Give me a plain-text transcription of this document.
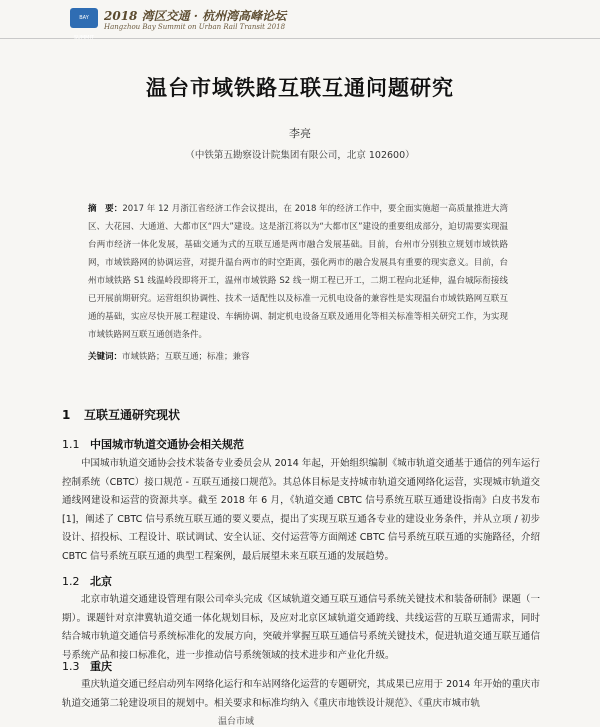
BAY SUMMIT
2018 湾区交通 · 杭州湾高峰论坛
Hangzhou Bay Summit on Urban Rail Transit 2018
温台市域铁路互联互通问题研究
李亮
（中铁第五勘察设计院集团有限公司，北京 102600）
摘　要：2017 年 12 月浙江省经济工作会议提出，在 2018 年的经济工作中，要全面实施超一高质量推进大湾区、大花园、大通道、大都市区“四大”建设。这是浙江将以为“大都市区”建设的重要组成部分，迫切需要实现温台两市经济一体化发展，基础交通为式的互联互通是两市融合发展基础。目前，台州市分别独立规划市域铁路网，市域铁路网的协调运营，对提升温台两市的时空距离，强化两市的融合发展具有重要的现实意义。目前，台州市域铁路 S1 线温岭段即将开工，温州市域铁路 S2 线一期工程已开工，二期工程向北延伸，温台城际衔接线已开展前期研究。运营组织协调性、技术一适配性以及标准一元机电设备的兼容性是实现温台市域铁路网互联互通的基础，实应尽快开展工程建设、车辆协调、制定机电设备互联及通用化等相关标准等相关研究工作，为实现市域铁路网互联互通创造条件。
关键词：市域铁路；互联互通；标准；兼容
1 互联互通研究现状
1.1 中国城市轨道交通协会相关规范
中国城市轨道交通协会技术装备专业委员会从 2014 年起，开始组织编制《城市轨道交通基于通信的列车运行控制系统（CBTC）接口规范 - 互联互通接口规范》。其总体目标是支持城市轨道交通网络化运营，实现城市轨道交通线网建设和运营的资源共享。截至 2018 年 6 月，《轨道交通 CBTC 信号系统互联互通建设指南》白皮书发布 [1]，阐述了 CBTC 信号系统互联互通的要义要点，提出了实现互联互通各专业的建设业务条件，并从立项 / 初步设计、招投标、工程设计、联试调试、安全认证、交付运营等方面阐述 CBTC 信号系统互联互通的实施路径，介绍 CBTC 信号系统互联互通的典型工程案例，最后展望未来互联互通的发展趋势。
1.2 北京
北京市轨道交通建设管理有限公司牵头完成《区域轨道交通互联互通信号系统关键技术和装备研制》课题（一期）。课题针对京津冀轨道交通一体化规划目标，及应对北京区域轨道交通跨线、共线运营的互联互通需求，同时结合城市轨道交通信号系统标准化的发展方向，突破并掌握互联互通信号系统关键技术，促进轨道交通互联互通信号系统产品和接口标准化，进一步推动信号系统领域的技术进步和产业化升级。
1.3 重庆
重庆轨道交通已经启动列车网络化运行和车站网络化运营的专题研究，其成果已应用于 2014 年开始的重庆市轨道交通第二轮建设项目的规划中。相关要求和标准均纳入《重庆市地铁设计规范》、《重庆市城市轨
温台市域
